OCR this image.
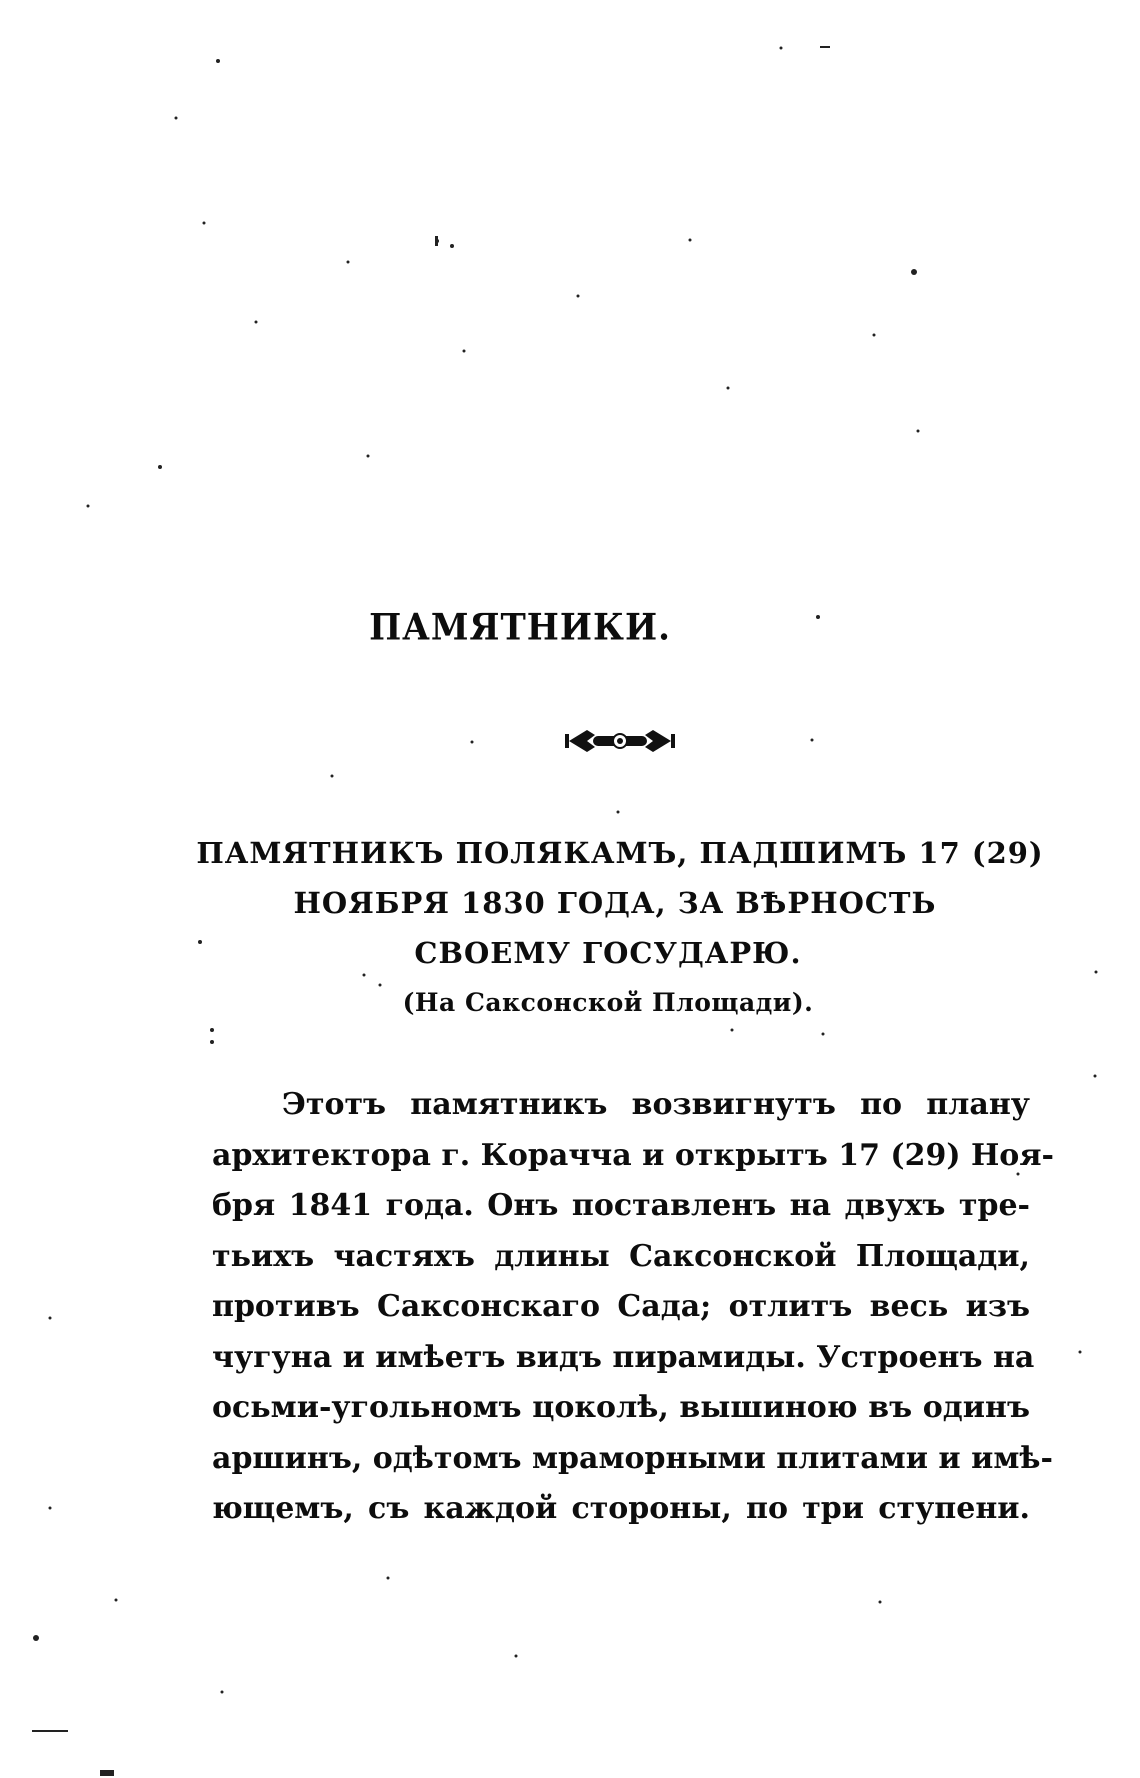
ПАМЯТНИКИ.
ПАМЯТНИКЪ ПОЛЯКАМЪ, ПАДШИМЪ 17 (29)
НОЯБРЯ 1830 ГОДА, ЗА ВѢРНОСТЬ
СВОЕМУ ГОСУДАРЮ.
(На Саксонской Площади).
Этотъ памятникъ возвигнутъ по плану
архитектора г. Корачча и открытъ 17 (29) Ноя-
бря 1841 года. Онъ поставленъ на двухъ тре-
тьихъ частяхъ длины Саксонской Площади,
противъ Саксонскаго Сада; отлитъ весь изъ
чугуна и имѣетъ видъ пирамиды. Устроенъ на
осьми-угольномъ цоколѣ, вышиною въ одинъ
аршинъ, одѣтомъ мраморными плитами и имѣ-
ющемъ, съ каждой стороны, по три ступени.
